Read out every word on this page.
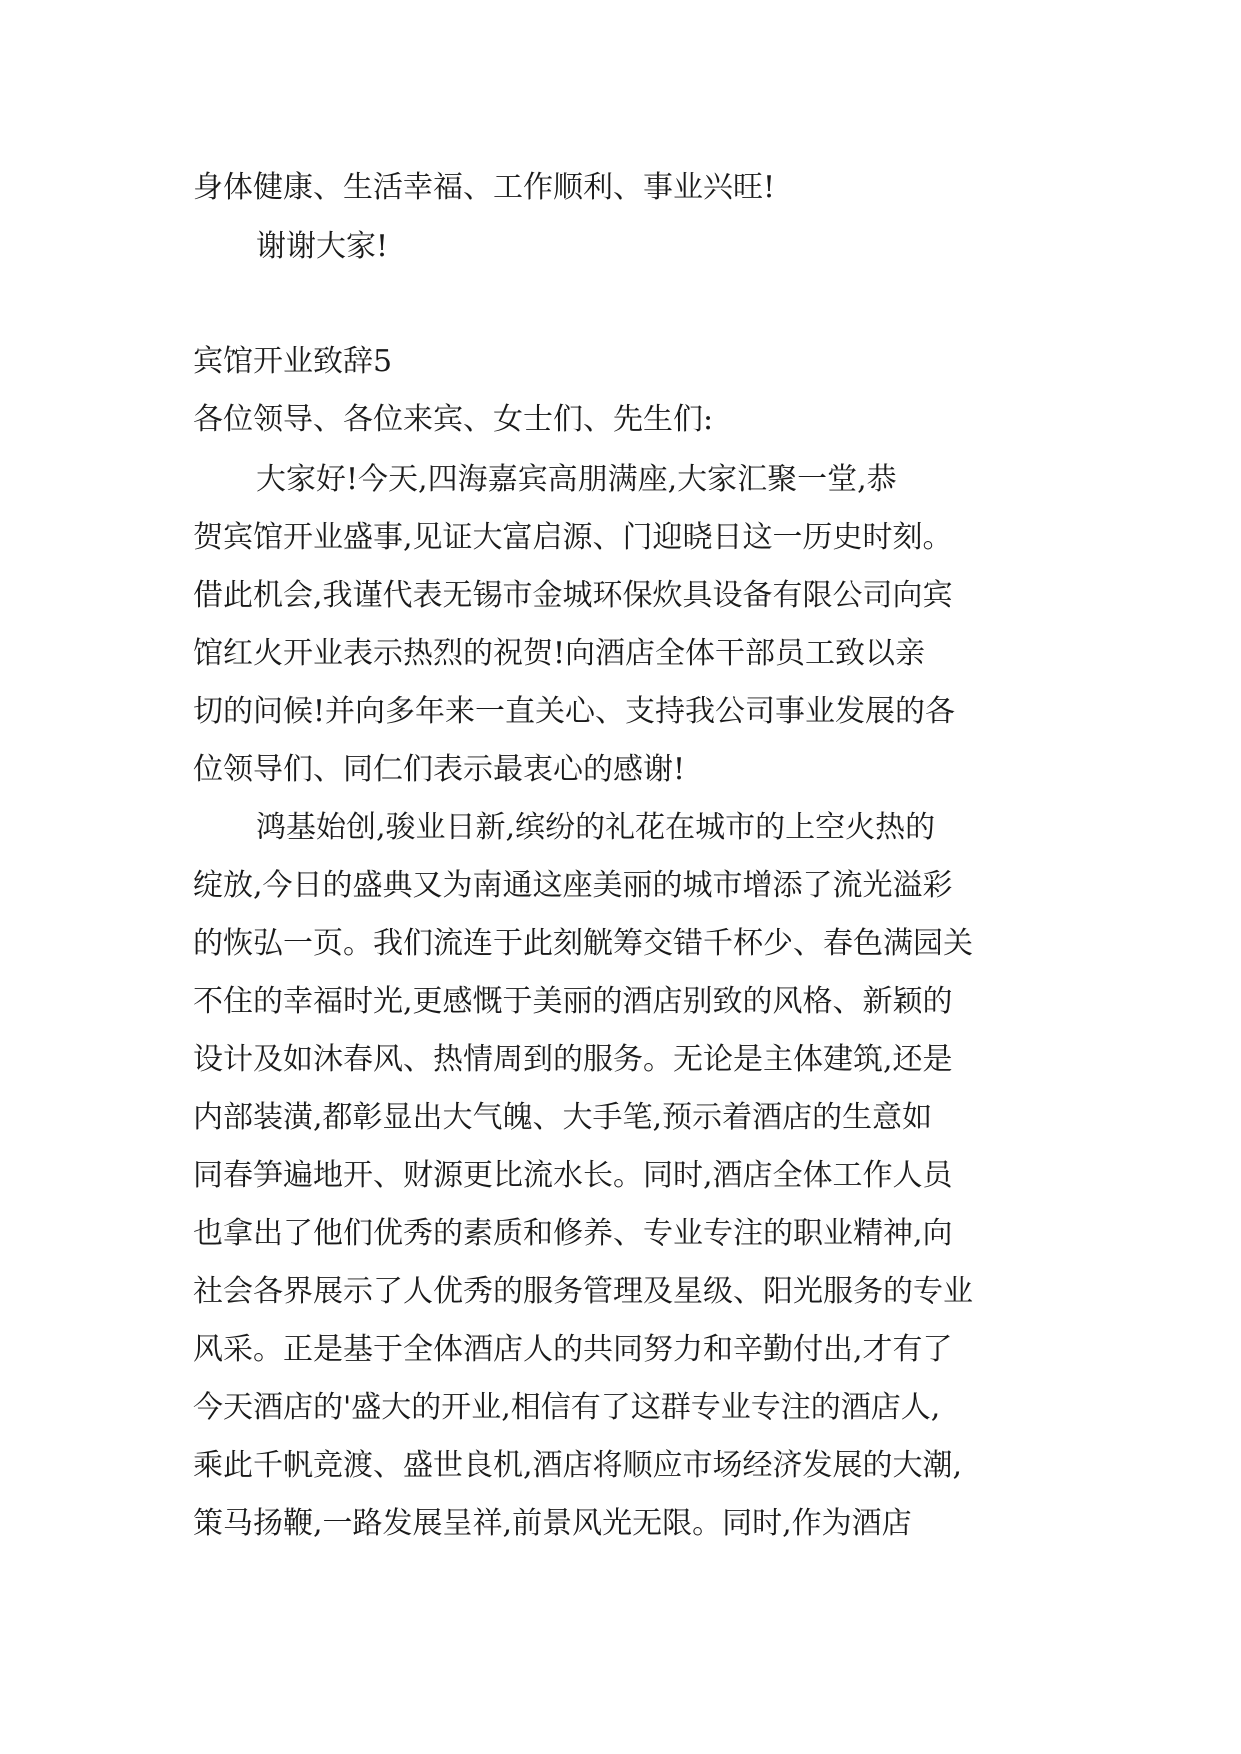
身体健康、生活幸福、工作顺利、事业兴旺!
谢谢大家!
宾馆开业致辞5
各位领导、各位来宾、女士们、先生们:
大家好!今天,四海嘉宾高朋满座,大家汇聚一堂,恭
贺宾馆开业盛事,见证大富启源、门迎晓日这一历史时刻。
借此机会,我谨代表无锡市金城环保炊具设备有限公司向宾
馆红火开业表示热烈的祝贺!向酒店全体干部员工致以亲
切的问候!并向多年来一直关心、支持我公司事业发展的各
位领导们、同仁们表示最衷心的感谢!
鸿基始创,骏业日新,缤纷的礼花在城市的上空火热的
绽放,今日的盛典又为南通这座美丽的城市增添了流光溢彩
的恢弘一页。我们流连于此刻觥筹交错千杯少、春色满园关
不住的幸福时光,更感慨于美丽的酒店别致的风格、新颖的
设计及如沐春风、热情周到的服务。无论是主体建筑,还是
内部装潢,都彰显出大气魄、大手笔,预示着酒店的生意如
同春笋遍地开、财源更比流水长。同时,酒店全体工作人员
也拿出了他们优秀的素质和修养、专业专注的职业精神,向
社会各界展示了人优秀的服务管理及星级、阳光服务的专业
风采。正是基于全体酒店人的共同努力和辛勤付出,才有了
今天酒店的'盛大的开业,相信有了这群专业专注的酒店人,
乘此千帆竞渡、盛世良机,酒店将顺应市场经济发展的大潮,
策马扬鞭,一路发展呈祥,前景风光无限。同时,作为酒店
